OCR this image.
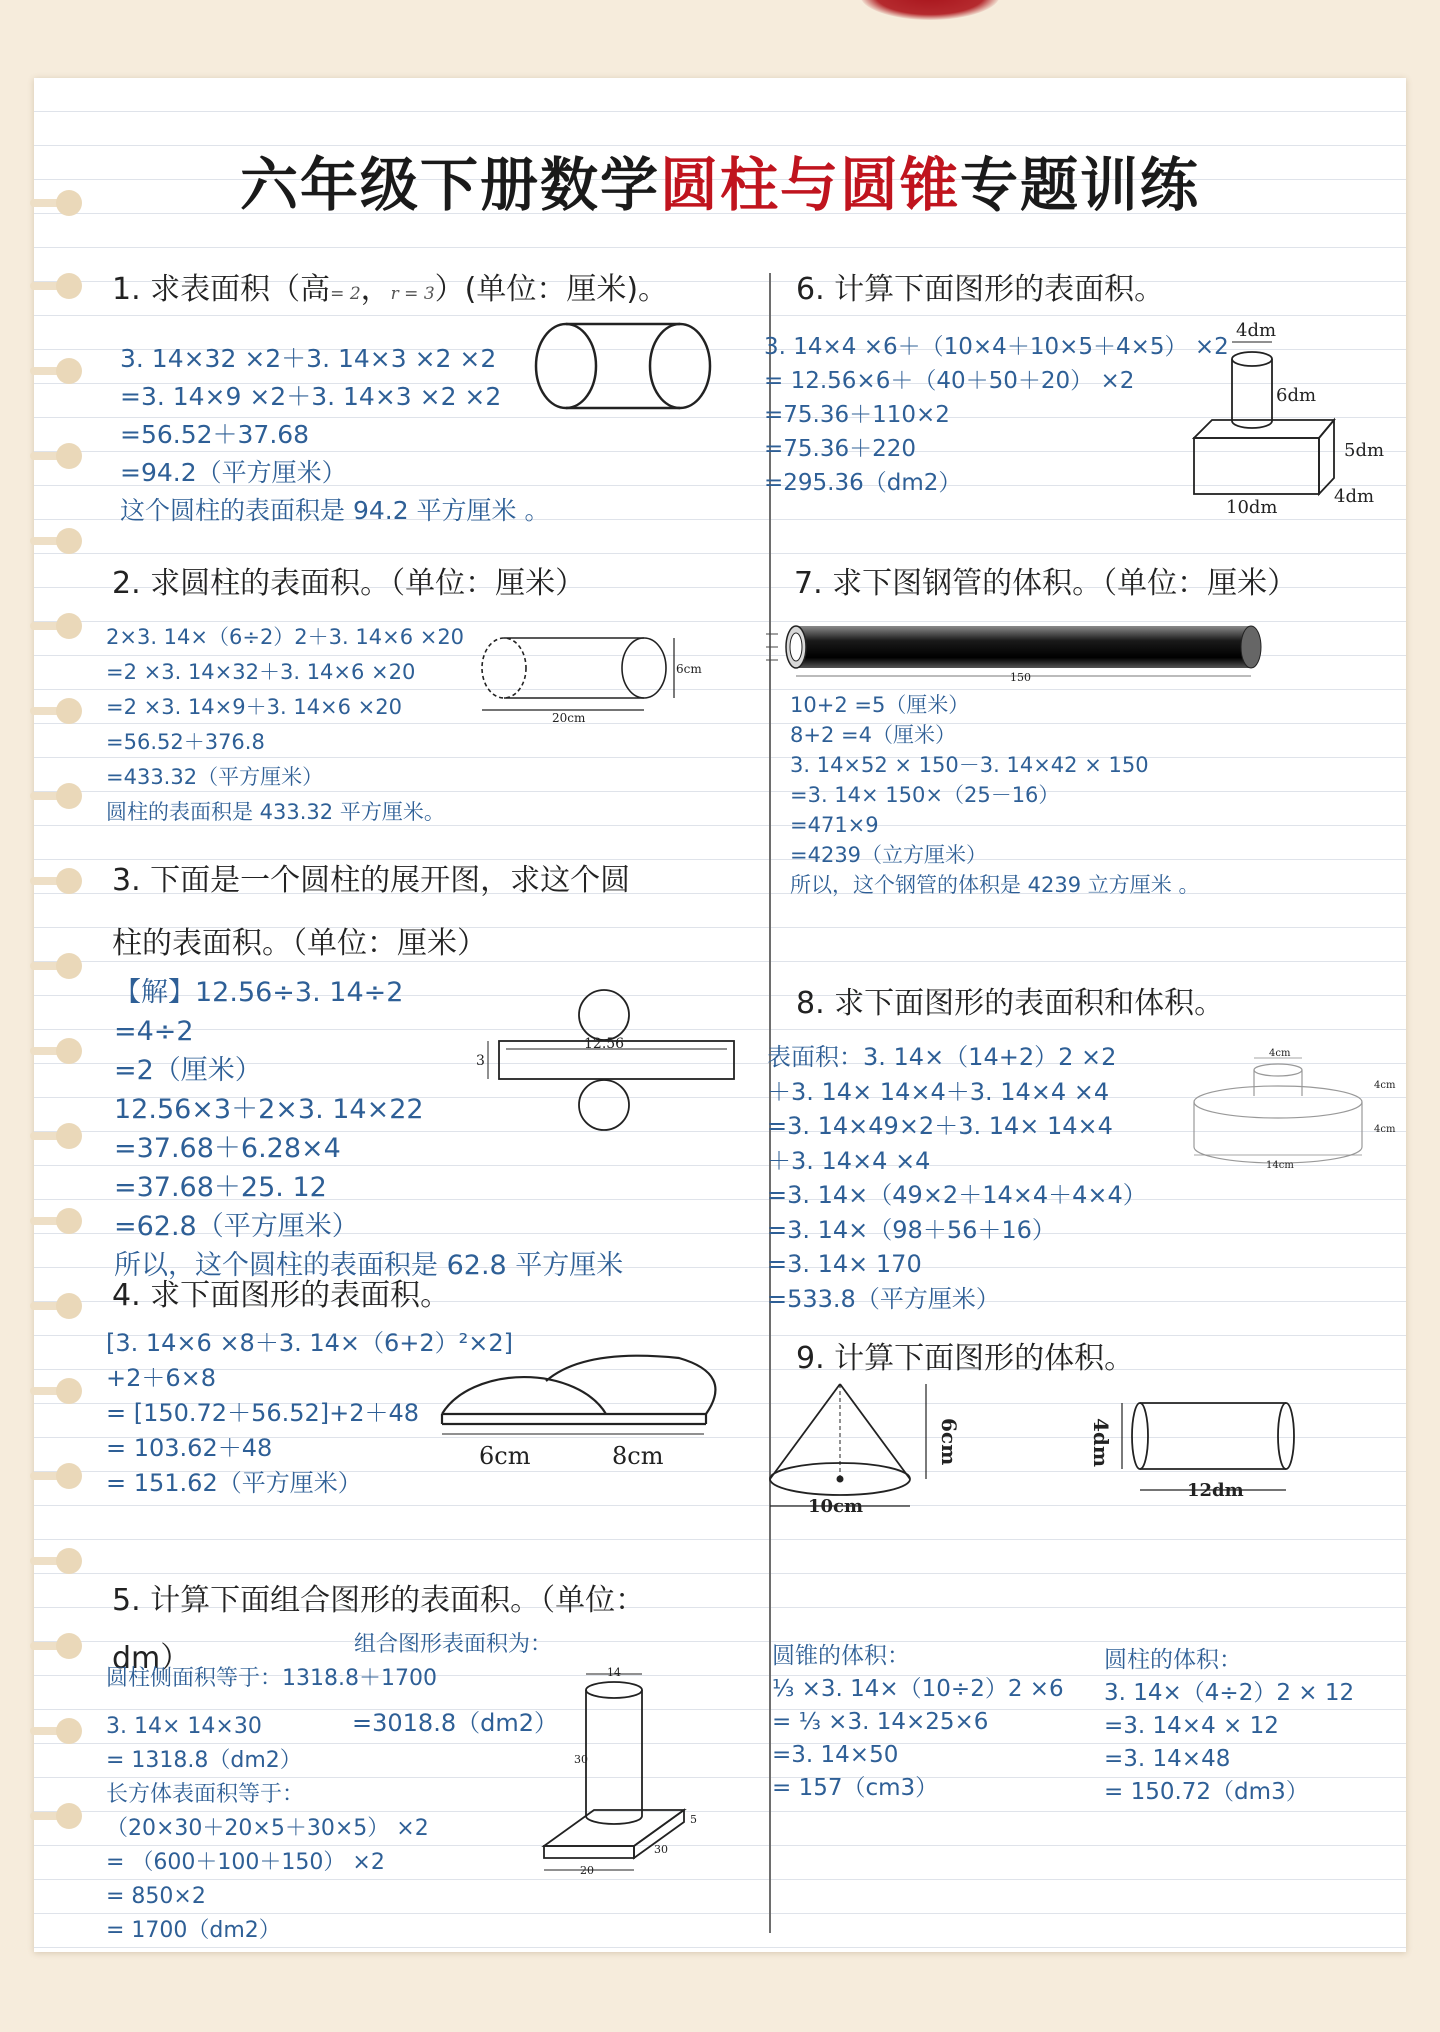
六年级下册数学圆柱与圆锥专题训练
1. 求表面积（高= 2，r = 3）(单位：厘米)。
3. 14×32 ×2＋3. 14×3 ×2 ×2
=3. 14×9 ×2＋3. 14×3 ×2 ×2
=56.52＋37.68
=94.2（平方厘米）
这个圆柱的表面积是 94.2 平方厘米 。
2. 求圆柱的表面积。（单位：厘米）
2×3. 14×（6÷2）2＋3. 14×6 ×20
=2 ×3. 14×32＋3. 14×6 ×20
=2 ×3. 14×9＋3. 14×6 ×20
=56.52＋376.8
=433.32（平方厘米）
圆柱的表面积是 433.32 平方厘米。
6cm
20cm
3. 下面是一个圆柱的展开图，求这个圆
柱的表面积。（单位：厘米）
【解】12.56÷3. 14÷2
=4÷2
=2（厘米）
12.56×3＋2×3. 14×22
=37.68＋6.28×4
=37.68＋25. 12
=62.8（平方厘米）
所以，这个圆柱的表面积是 62.8 平方厘米
12.56
3
4. 求下面图形的表面积。
[3. 14×6 ×8＋3. 14×（6+2）²×2]
+2＋6×8
= [150.72＋56.52]+2＋48
= 103.62＋48
= 151.62（平方厘米）
6cm	8cm
5. 计算下面组合图形的表面积。（单位：
dm）	组合图形表面积为：
=3018.8（dm2）
圆柱侧面积等于：1318.8＋1700
3. 14× 14×30
= 1318.8（dm2）
长方体表面积等于：
（20×30＋20×5＋30×5） ×2
= （600＋100＋150） ×2
= 850×2
= 1700（dm2）
14
30
5
30
20
6. 计算下面图形的表面积。
3. 14×4 ×6＋（10×4＋10×5＋4×5） ×2
= 12.56×6＋（40＋50＋20） ×2
=75.36＋110×2
=75.36＋220
=295.36（dm2）
4dm
6dm
5dm
4dm
10dm
7. 求下图钢管的体积。（单位：厘米）
150
10+2 =5（厘米）
8+2 =4（厘米）
3. 14×52 × 150－3. 14×42 × 150
=3. 14× 150×（25－16）
=471×9
=4239（立方厘米）
所以，这个钢管的体积是 4239 立方厘米 。
8. 求下面图形的表面积和体积。
表面积：3. 14×（14+2）2 ×2
＋3. 14× 14×4＋3. 14×4 ×4
=3. 14×49×2＋3. 14× 14×4
＋3. 14×4 ×4
=3. 14×（49×2＋14×4＋4×4）
=3. 14×（98＋56＋16）
=3. 14× 170
=533.8（平方厘米）
4cm
4cm
4cm
14cm
9. 计算下面图形的体积。
6cm
10cm
4dm
12dm
圆锥的体积：
⅓ ×3. 14×（10÷2）2 ×6
= ⅓ ×3. 14×25×6
=3. 14×50
= 157（cm3）
圆柱的体积：
3. 14×（4÷2）2 × 12
=3. 14×4 × 12
=3. 14×48
= 150.72（dm3）
